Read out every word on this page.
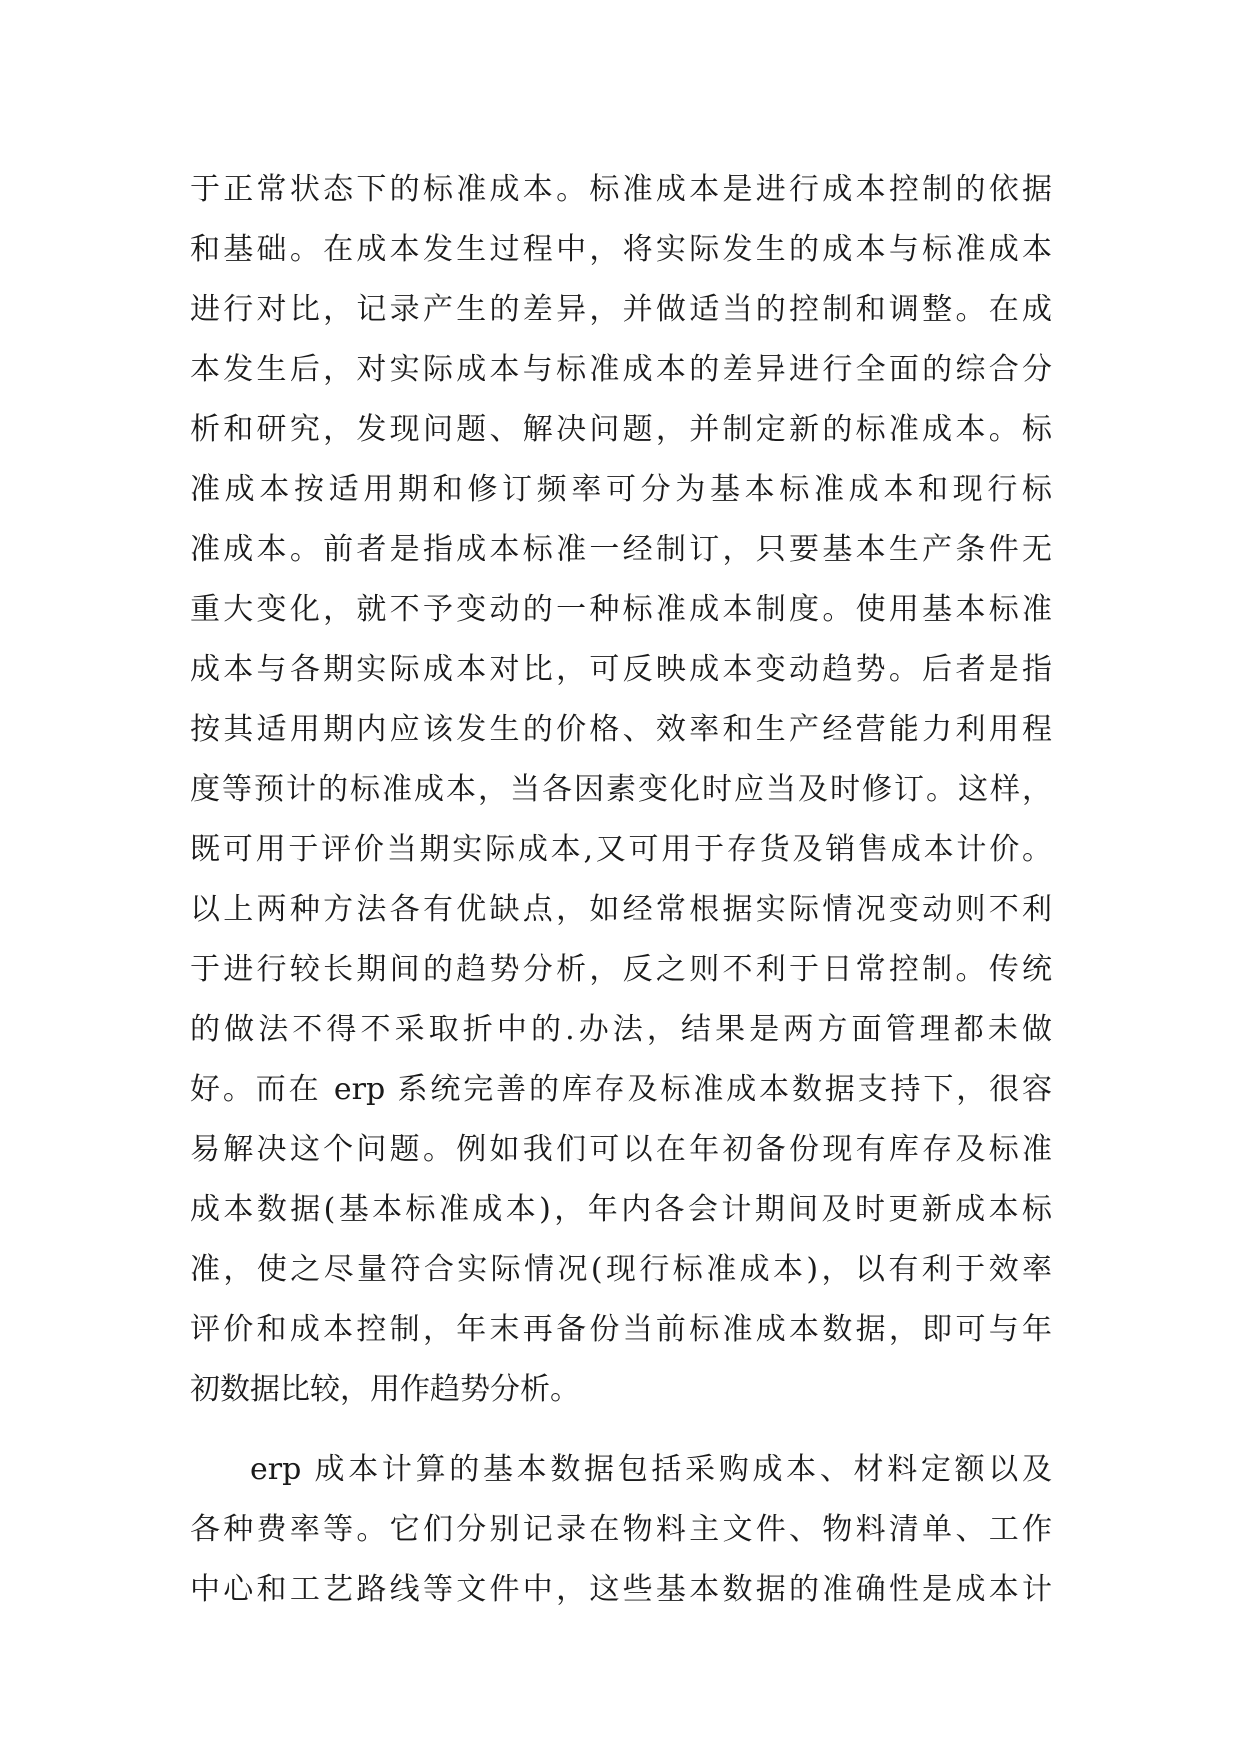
于正常状态下的标准成本。标准成本是进行成本控制的依据
和基础。在成本发生过程中，将实际发生的成本与标准成本
进行对比，记录产生的差异，并做适当的控制和调整。在成
本发生后，对实际成本与标准成本的差异进行全面的综合分
析和研究，发现问题、解决问题，并制定新的标准成本。标
准成本按适用期和修订频率可分为基本标准成本和现行标
准成本。前者是指成本标准一经制订，只要基本生产条件无
重大变化，就不予变动的一种标准成本制度。使用基本标准
成本与各期实际成本对比，可反映成本变动趋势。后者是指
按其适用期内应该发生的价格、效率和生产经营能力利用程
度等预计的标准成本，当各因素变化时应当及时修订。这样，
既可用于评价当期实际成本,又可用于存货及销售成本计价。
以上两种方法各有优缺点，如经常根据实际情况变动则不利
于进行较长期间的趋势分析，反之则不利于日常控制。传统
的做法不得不采取折中的.办法，结果是两方面管理都未做
好。而在 erp 系统完善的库存及标准成本数据支持下，很容
易解决这个问题。例如我们可以在年初备份现有库存及标准
成本数据(基本标准成本)，年内各会计期间及时更新成本标
准，使之尽量符合实际情况(现行标准成本)，以有利于效率
评价和成本控制，年末再备份当前标准成本数据，即可与年
初数据比较，用作趋势分析。
erp 成本计算的基本数据包括采购成本、材料定额以及
各种费率等。它们分别记录在物料主文件、物料清单、工作
中心和工艺路线等文件中，这些基本数据的准确性是成本计
